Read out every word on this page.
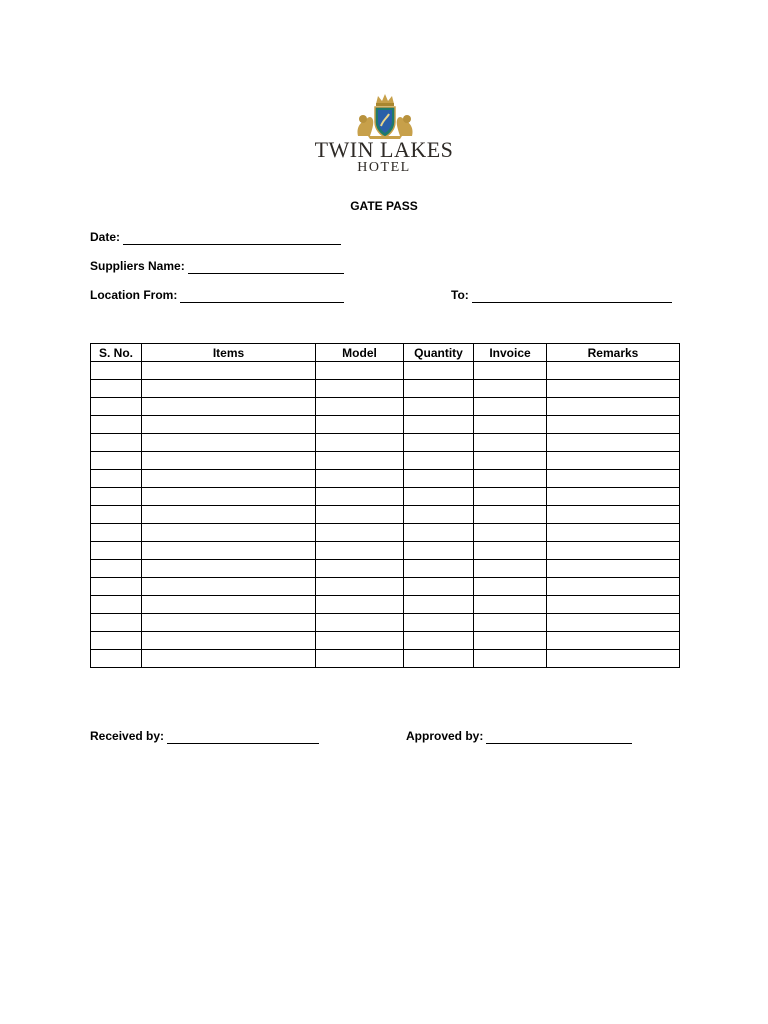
TWIN LAKES
HOTEL
GATE PASS
Date:
Suppliers Name:
Location From:	To:
S. No.	Items	Model	Quantity	Invoice	Remarks

Received by:	Approved by:
